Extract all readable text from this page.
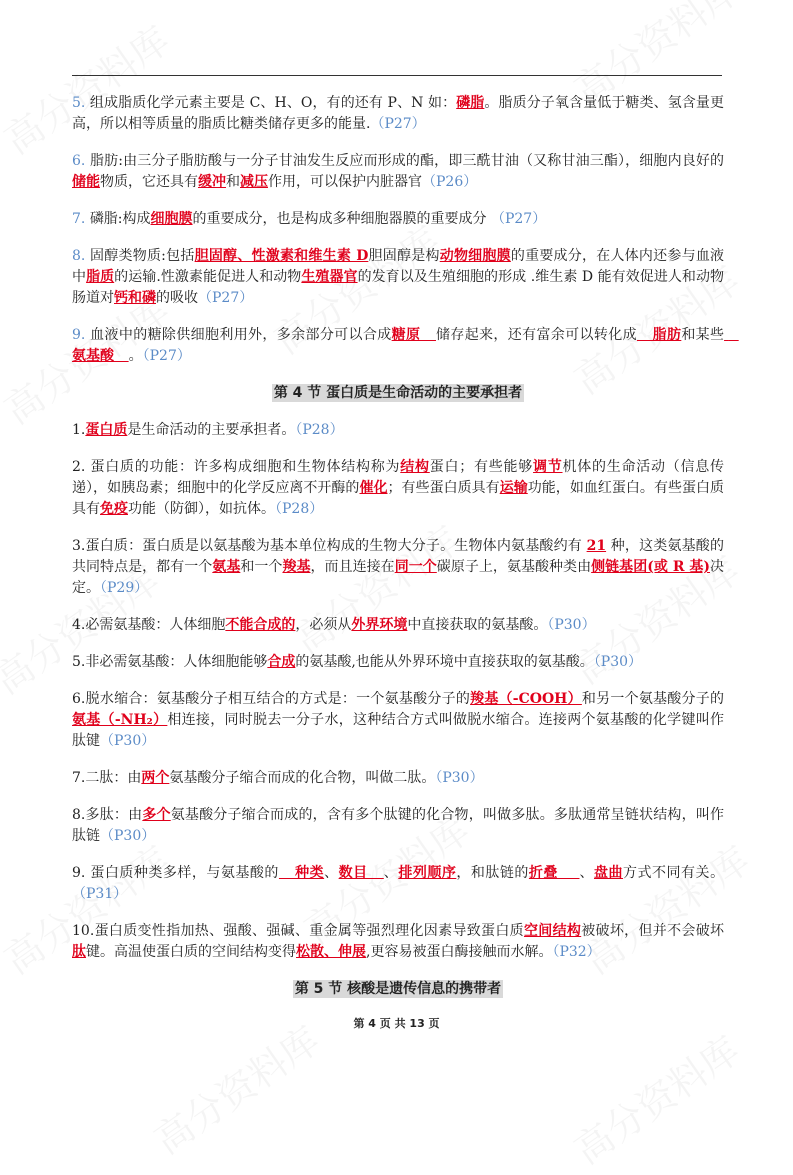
5. 组成脂质化学元素主要是 C、H、O，有的还有 P、N 如：磷脂。脂质分子氧含量低于糖类、氢含量更高，所以相等质量的脂质比糖类储存更多的能量.（P27）
6. 脂肪:由三分子脂肪酸与一分子甘油发生反应而形成的酯，即三酰甘油（又称甘油三酯），细胞内良好的储能物质，它还具有缓冲和减压作用，可以保护内脏器官（P26）
7. 磷脂:构成细胞膜的重要成分，也是构成多种细胞器膜的重要成分 （P27）
8. 固醇类物质:包括胆固醇、性激素和维生素 D胆固醇是构动物细胞膜的重要成分，在人体内还参与血液中脂质的运输.性激素能促进人和动物生殖器官的发育以及生殖细胞的形成 .维生素 D 能有效促进人和动物肠道对钙和磷的吸收（P27）
9. 血液中的糖除供细胞利用外，多余部分可以合成糖原   储存起来，还有富余可以转化成   脂肪和某些   氨基酸   。（P27）
第 4 节 蛋白质是生命活动的主要承担者
1.蛋白质是生命活动的主要承担者。（P28）
2. 蛋白质的功能：许多构成细胞和生物体结构称为结构蛋白；有些能够调节机体的生命活动（信息传递），如胰岛素；细胞中的化学反应离不开酶的催化；有些蛋白质具有运输功能，如血红蛋白。有些蛋白质具有免疫功能（防御），如抗体。（P28）
3.蛋白质：蛋白质是以氨基酸为基本单位构成的生物大分子。生物体内氨基酸约有 21 种，这类氨基酸的共同特点是，都有一个氨基和一个羧基，而且连接在同一个碳原子上，氨基酸种类由侧链基团(或 R 基)决定。（P29）
4.必需氨基酸：人体细胞不能合成的，必须从外界环境中直接获取的氨基酸。（P30）
5.非必需氨基酸：人体细胞能够合成的氨基酸,也能从外界环境中直接获取的氨基酸。（P30）
6.脱水缩合：氨基酸分子相互结合的方式是：一个氨基酸分子的羧基（-COOH）和另一个氨基酸分子的氨基（-NH₂）相连接，同时脱去一分子水，这种结合方式叫做脱水缩合。连接两个氨基酸的化学键叫作肽键（P30）
7.二肽：由两个氨基酸分子缩合而成的化合物，叫做二肽。（P30）
8.多肽：由多个氨基酸分子缩合而成的，含有多个肽键的化合物，叫做多肽。多肽通常呈链状结构，叫作肽链（P30）
9. 蛋白质种类多样，与氨基酸的   种类、数目   、排列顺序，和肽链的折叠    、盘曲方式不同有关。（P31）
10.蛋白质变性指加热、强酸、强碱、重金属等强烈理化因素导致蛋白质空间结构被破坏，但并不会破坏肽键。高温使蛋白质的空间结构变得松散、伸展,更容易被蛋白酶接触而水解。（P32）
第 5 节 核酸是遗传信息的携带者
第 4 页 共 13 页
